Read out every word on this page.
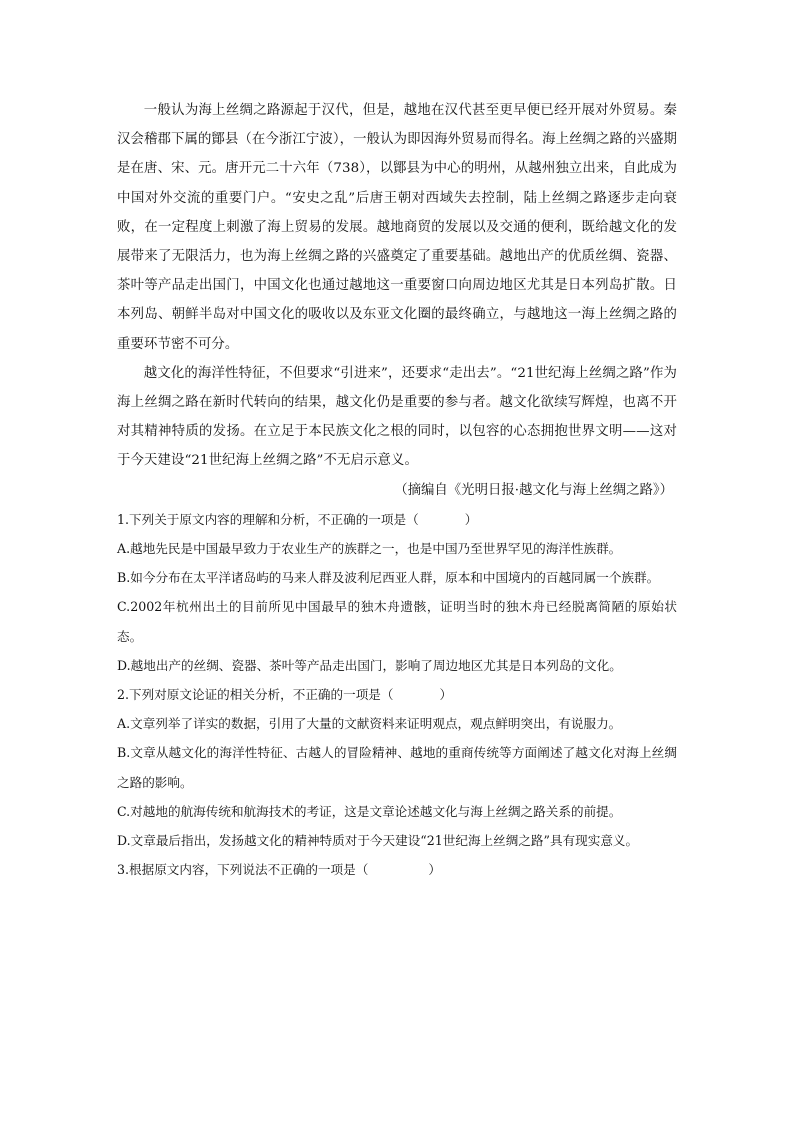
一般认为海上丝绸之路源起于汉代，但是，越地在汉代甚至更早便已经开展对外贸易。秦汉会稽郡下属的鄮县（在今浙江宁波），一般认为即因海外贸易而得名。海上丝绸之路的兴盛期是在唐、宋、元。唐开元二十六年（738），以鄮县为中心的明州，从越州独立出来，自此成为中国对外交流的重要门户。“安史之乱”后唐王朝对西域失去控制，陆上丝绸之路逐步走向衰败，在一定程度上刺激了海上贸易的发展。越地商贸的发展以及交通的便利，既给越文化的发展带来了无限活力，也为海上丝绸之路的兴盛奠定了重要基础。越地出产的优质丝绸、瓷器、茶叶等产品走出国门，中国文化也通过越地这一重要窗口向周边地区尤其是日本列岛扩散。日本列岛、朝鲜半岛对中国文化的吸收以及东亚文化圈的最终确立，与越地这一海上丝绸之路的重要环节密不可分。

越文化的海洋性特征，不但要求“引进来”，还要求“走出去”。“21世纪海上丝绸之路”作为海上丝绸之路在新时代转向的结果，越文化仍是重要的参与者。越文化欲续写辉煌，也离不开对其精神特质的发扬。在立足于本民族文化之根的同时，以包容的心态拥抱世界文明——这对于今天建设“21世纪海上丝绸之路”不无启示意义。

（摘编自《光明日报·越文化与海上丝绸之路》）

1.下列关于原文内容的理解和分析，不正确的一项是（	）

A.越地先民是中国最早致力于农业生产的族群之一，也是中国乃至世界罕见的海洋性族群。

B.如今分布在太平洋诸岛屿的马来人群及波利尼西亚人群，原本和中国境内的百越同属一个族群。

C.2002年杭州出土的目前所见中国最早的独木舟遗骸，证明当时的独木舟已经脱离简陋的原始状态。

D.越地出产的丝绸、瓷器、茶叶等产品走出国门，影响了周边地区尤其是日本列岛的文化。

2.下列对原文论证的相关分析，不正确的一项是（	）

A.文章列举了详实的数据，引用了大量的文献资料来证明观点，观点鲜明突出，有说服力。

B.文章从越文化的海洋性特征、古越人的冒险精神、越地的重商传统等方面阐述了越文化对海上丝绸之路的影响。

C.对越地的航海传统和航海技术的考证，这是文章论述越文化与海上丝绸之路关系的前提。

D.文章最后指出，发扬越文化的精神特质对于今天建设“21世纪海上丝绸之路”具有现实意义。

3.根据原文内容，下列说法不正确的一项是（	）
